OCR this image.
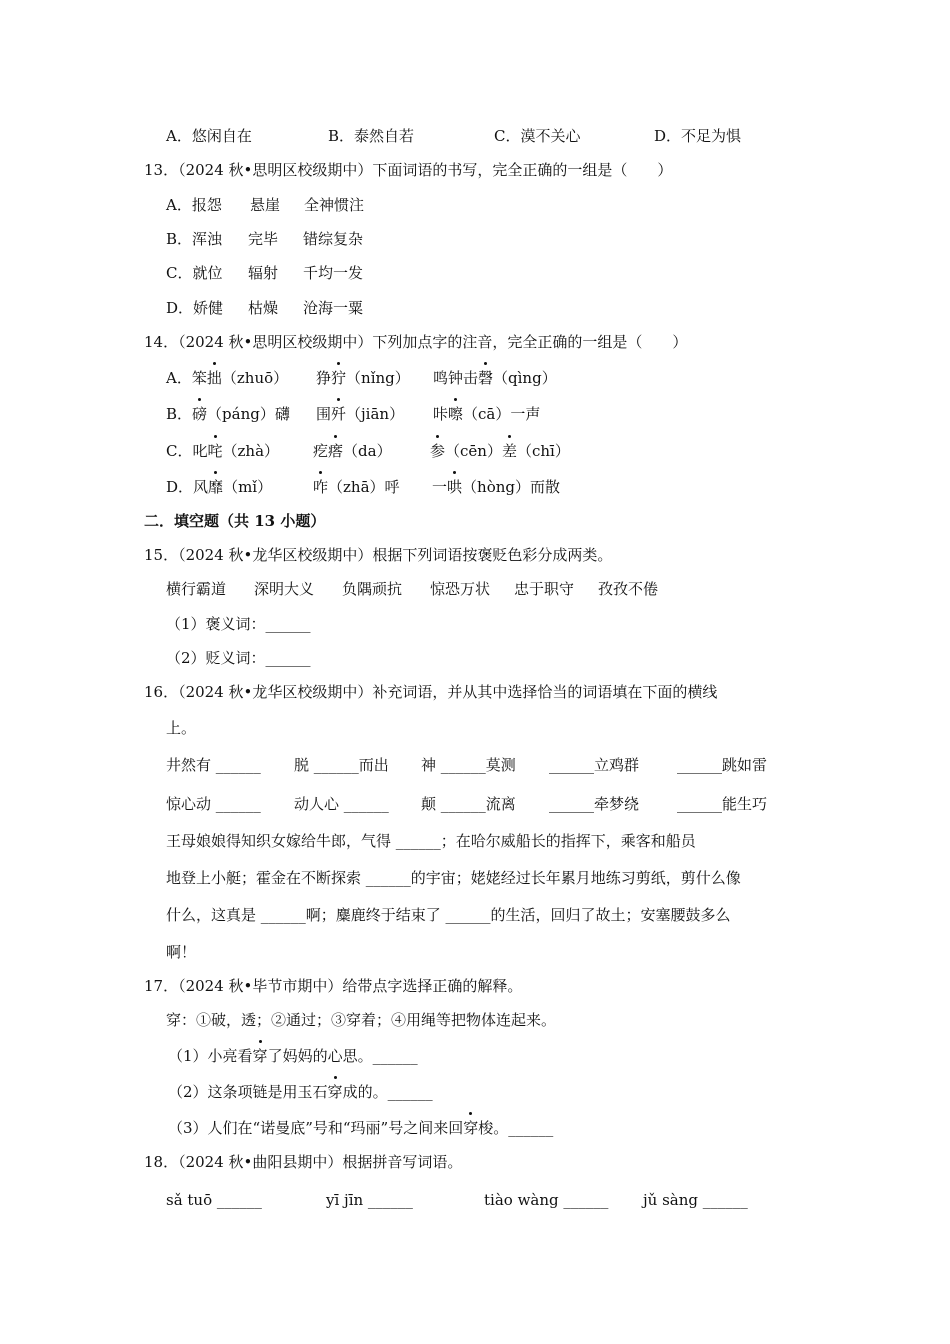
A．悠闲自在	B．泰然自若	C．漠不关心	D．不足为惧
13．（2024 秋•思明区校级期中）下面词语的书写，完全正确的一组是（　　）
A．报怨 悬崖 全神惯注
B．浑浊 完毕 错综复杂
C．就位 辐射 千均一发
D．娇健 枯燥 沧海一粟
14．（2024 秋•思明区校级期中）下列加点字的注音，完全正确的一组是（　　）
A．笨拙（zhuō） 狰狞（nǐng） 鸣钟击磬（qìng）
B．磅（páng）礴 围歼（jiān） 咔嚓（cā）一声
C．叱咤（zhà） 疙瘩（da）	参（cēn）差（chī）
D．风靡（mǐ）	咋（zhā）呼 一哄（hòng）而散
二．填空题（共 13 小题）
15．（2024 秋•龙华区校级期中）根据下列词语按褒贬色彩分成两类。
横行霸道 深明大义 负隅顽抗 惊恐万状 忠于职守 孜孜不倦
（1）褒义词：______
（2）贬义词：______
16．（2024 秋•龙华区校级期中）补充词语，并从其中选择恰当的词语填在下面的横线
上。
井然有 ______ 脱 ______而出 神 ______莫测 ______立鸡群	______跳如雷
惊心动 ______ 动人心 ______ 颠 ______流离 ______牵梦绕	______能生巧
王母娘娘得知织女嫁给牛郎，气得 ______；在哈尔威船长的指挥下，乘客和船员
地登上小艇；霍金在不断探索 ______的宇宙；姥姥经过长年累月地练习剪纸，剪什么像
什么，这真是 ______啊；麋鹿终于结束了 ______的生活，回归了故土；安塞腰鼓多么
啊！
17．（2024 秋•毕节市期中）给带点字选择正确的解释。
穿：①破，透；②通过；③穿着；④用绳等把物体连起来。
（1）小亮看穿了妈妈的心思。______
（2）这条项链是用玉石穿成的。______
（3）人们在“诺曼底”号和“玛丽”号之间来回穿梭。______
18．（2024 秋•曲阳县期中）根据拼音写词语。
sǎ tuō ______	yī jīn ______	tiào wàng ______ jǔ sàng ______
